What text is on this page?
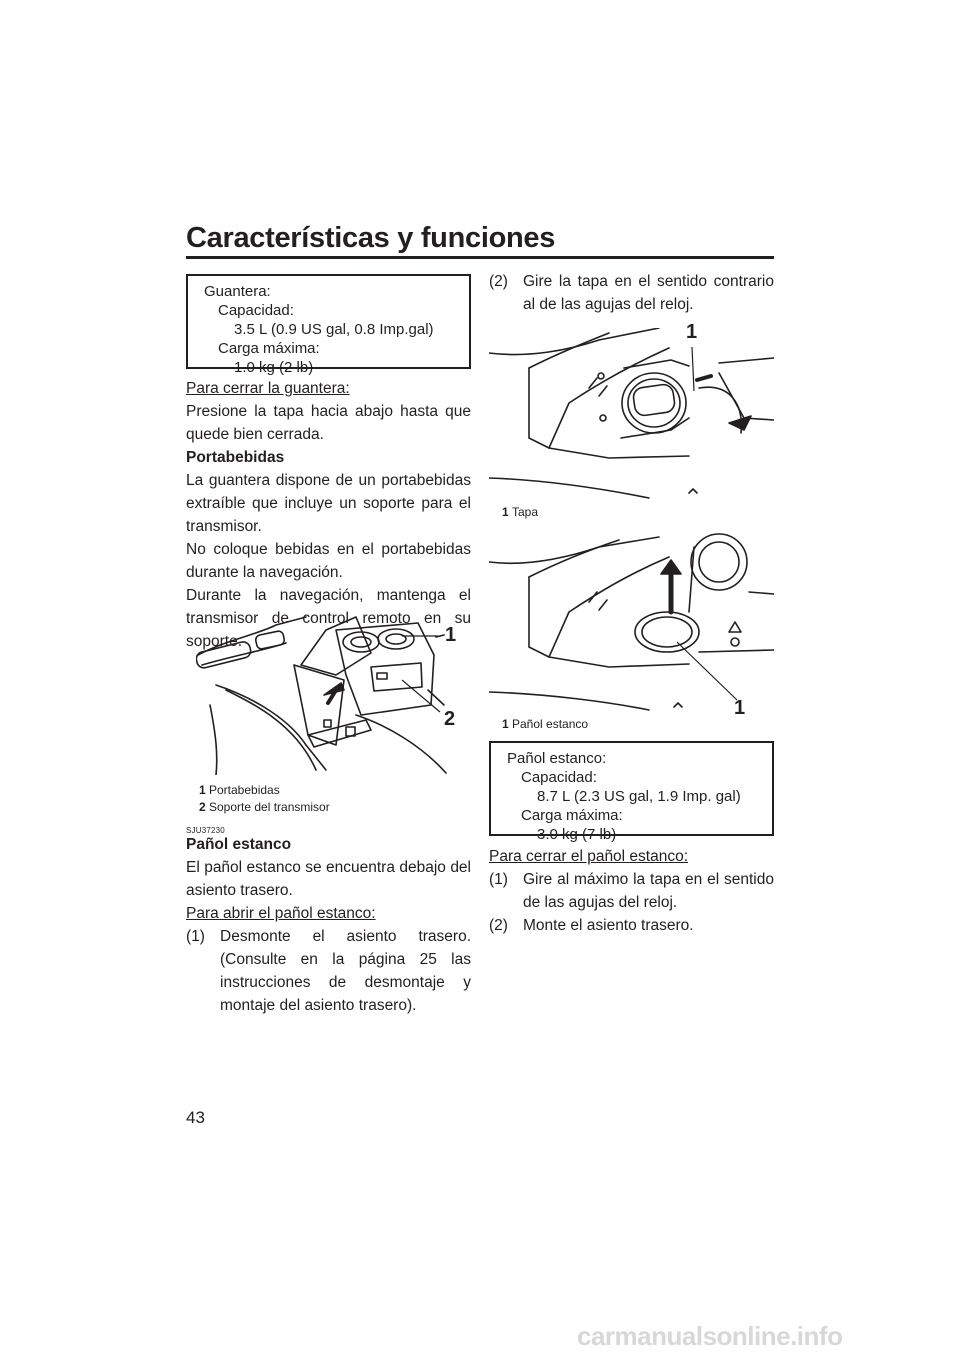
Características y funciones
Guantera:
Capacidad:
3.5 L (0.9 US gal, 0.8 Imp.gal)
Carga máxima:
1.0 kg (2 lb)
Para cerrar la guantera:
Presione la tapa hacia abajo hasta que quede bien cerrada.
Portabebidas
La guantera dispone de un portabebidas extraíble que incluye un soporte para el transmisor.
No coloque bebidas en el portabebidas durante la navegación.
Durante la navegación, mantenga el transmisor de control remoto en su soporte.	1
2
1 Portabebidas
2 Soporte del transmisor
SJU37230
Pañol estanco
El pañol estanco se encuentra debajo del asiento trasero.
Para abrir el pañol estanco:
(1) Desmonte el asiento trasero. (Consulte en la página 25 las instrucciones de desmontaje y montaje del asiento trasero).
(2) Gire la tapa en el sentido contrario al de las agujas del reloj.
1
1 Tapa
1
1 Pañol estanco
Pañol estanco:
Capacidad:
8.7 L (2.3 US gal, 1.9 Imp. gal)
Carga máxima:
3.0 kg (7 lb)
Para cerrar el pañol estanco:
(1) Gire al máximo la tapa en el sentido de las agujas del reloj.
(2) Monte el asiento trasero.
43
carmanualsonline.info
